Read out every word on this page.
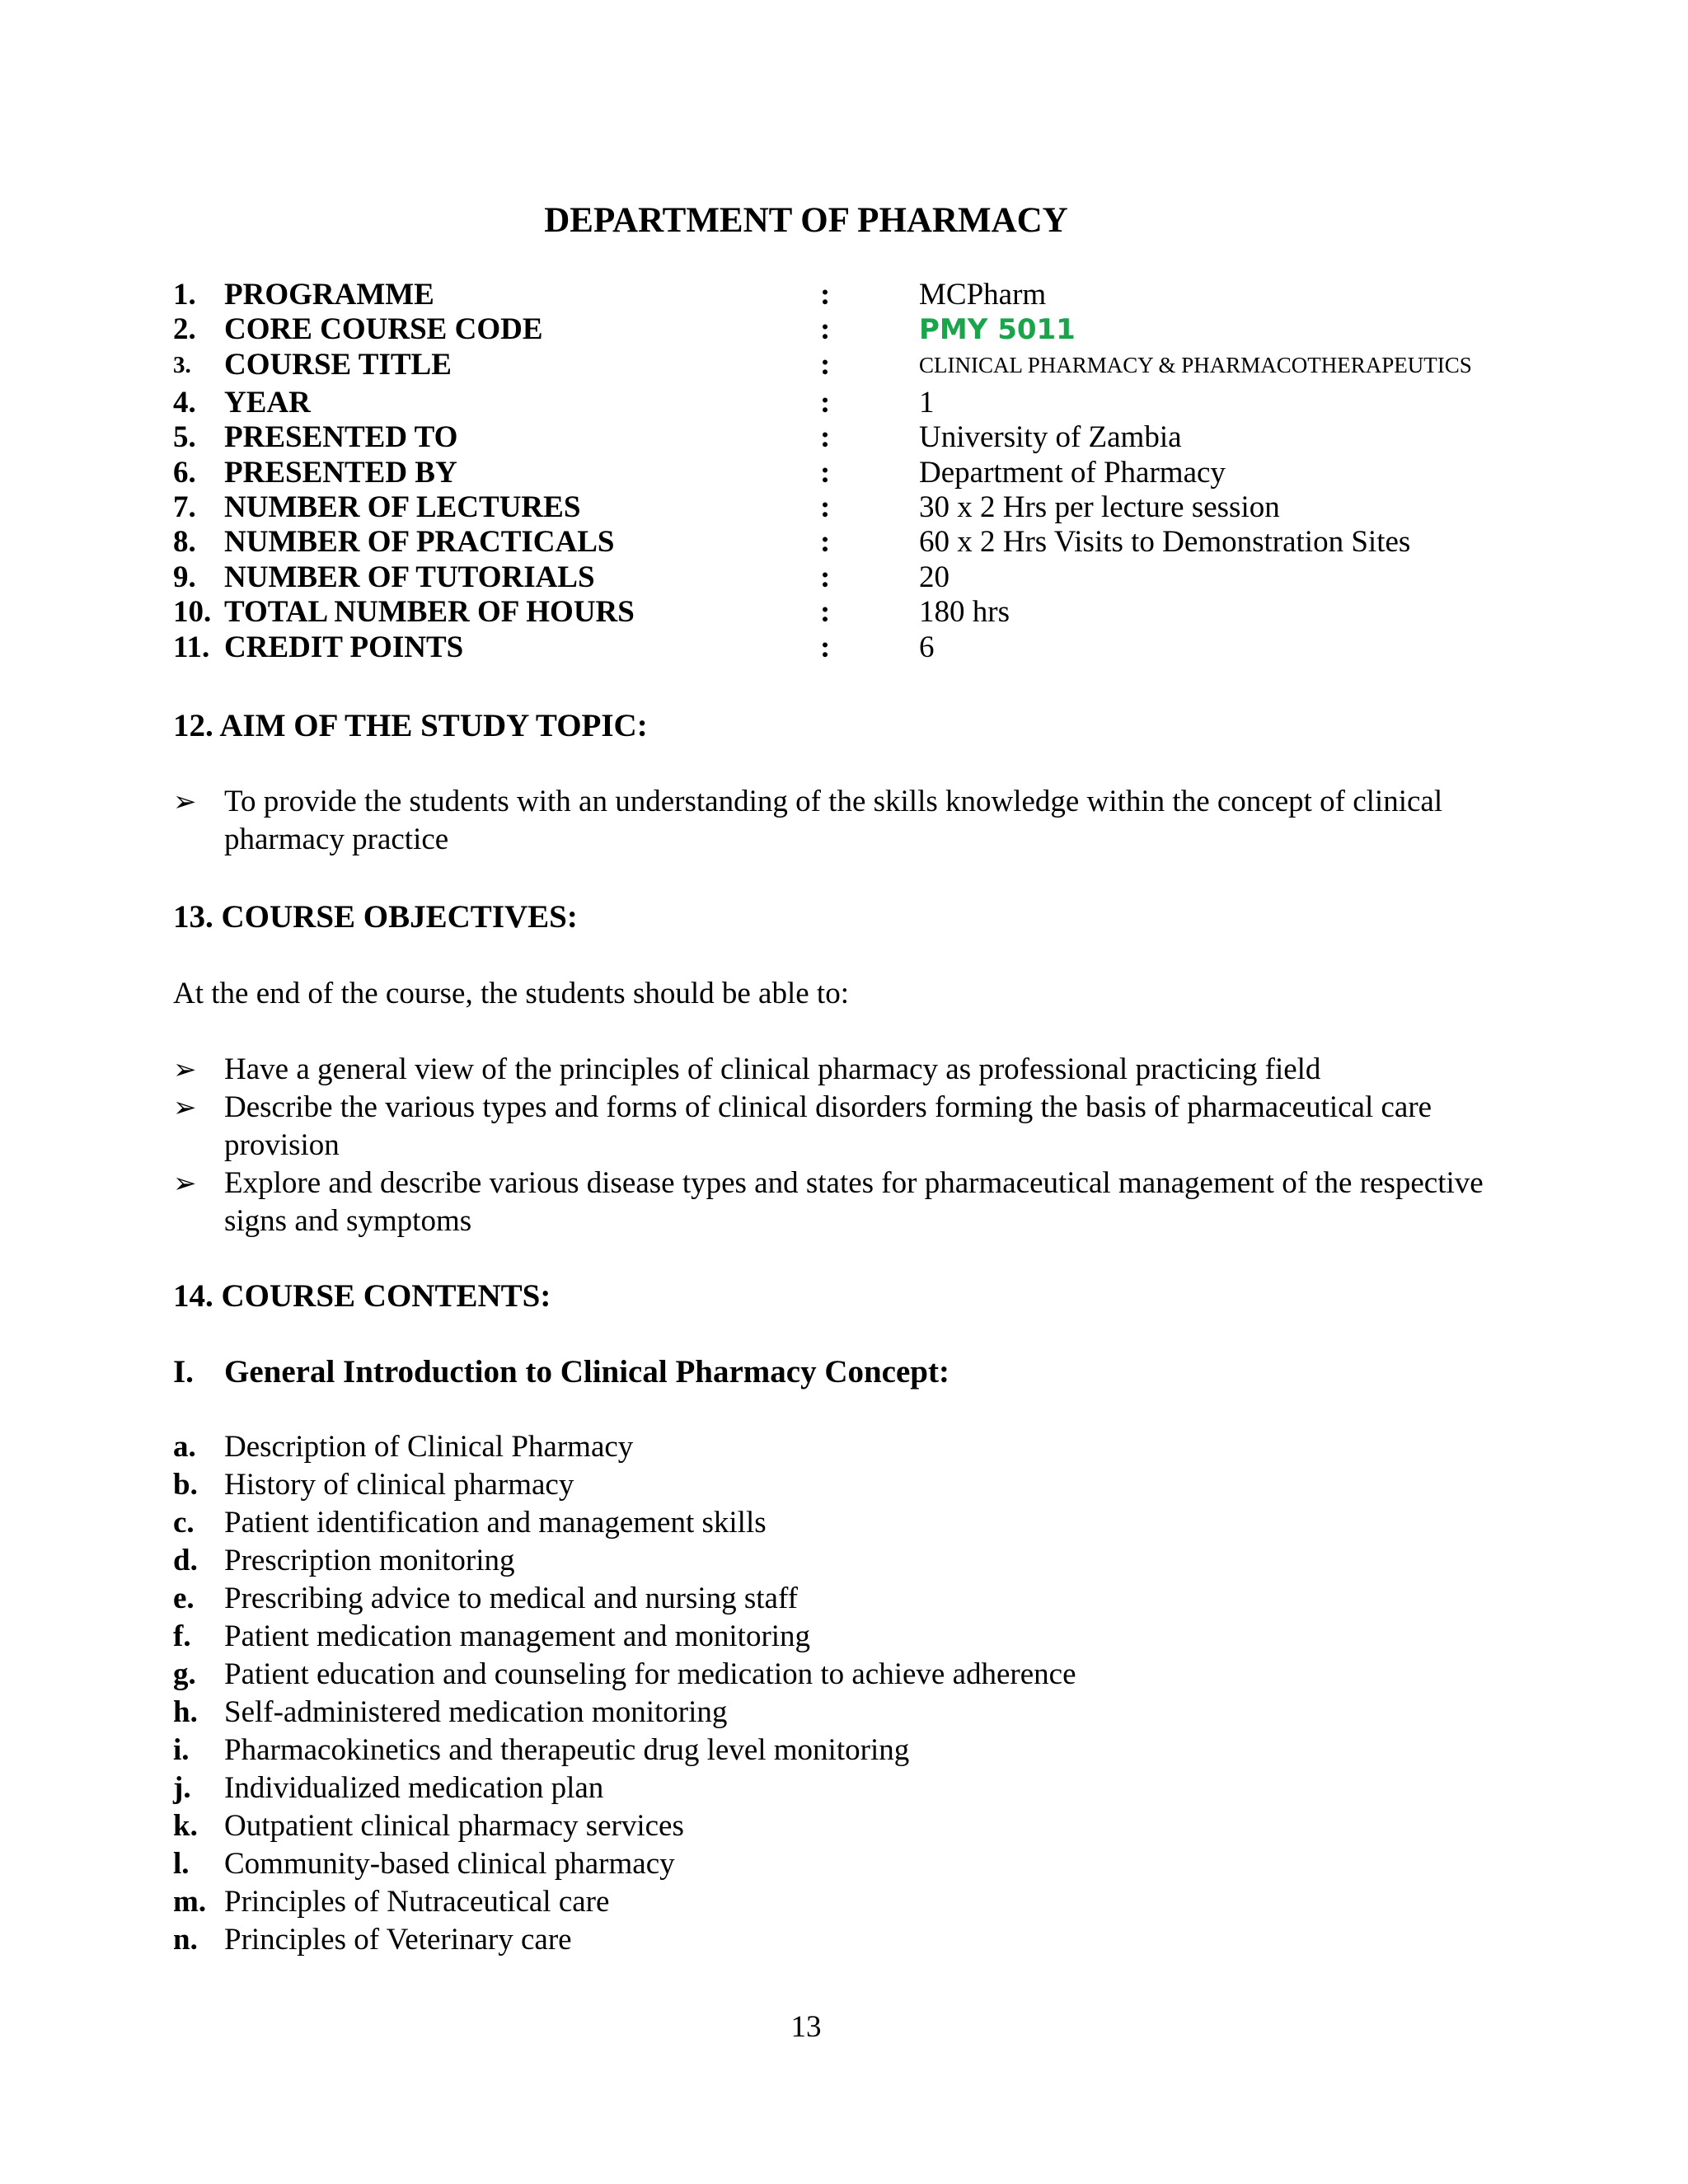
DEPARTMENT OF PHARMACY
1. PROGRAMME	:	MCPharm
2. CORE COURSE CODE	:	PMY 5011
3. COURSE TITLE	:	CLINICAL PHARMACY & PHARMACOTHERAPEUTICS
4. YEAR	:	1
5. PRESENTED TO	:	University of Zambia
6. PRESENTED BY	:	Department of Pharmacy
7. NUMBER OF LECTURES	:	30 x 2 Hrs per lecture session
8. NUMBER OF PRACTICALS	:	60 x 2 Hrs Visits to Demonstration Sites
9. NUMBER OF TUTORIALS	:	20
10. TOTAL NUMBER OF HOURS	:	180 hrs
11. CREDIT POINTS	:	6
12. AIM OF THE STUDY TOPIC:
➢ To provide the students with an understanding of the skills knowledge within the concept of clinical pharmacy practice
13. COURSE OBJECTIVES:
At the end of the course, the students should be able to:
➢ Have a general view of the principles of clinical pharmacy as professional practicing field
➢ Describe the various types and forms of clinical disorders forming the basis of pharmaceutical care provision
➢ Explore and describe various disease types and states for pharmaceutical management of the respective signs and symptoms
14. COURSE CONTENTS:
I. General Introduction to Clinical Pharmacy Concept:
a. Description of Clinical Pharmacy
b. History of clinical pharmacy
c. Patient identification and management skills
d. Prescription monitoring
e. Prescribing advice to medical and nursing staff
f. Patient medication management and monitoring
g. Patient education and counseling for medication to achieve adherence
h. Self-administered medication monitoring
i. Pharmacokinetics and therapeutic drug level monitoring
j. Individualized medication plan
k. Outpatient clinical pharmacy services
l. Community-based clinical pharmacy
m. Principles of Nutraceutical care
n. Principles of Veterinary care
13
